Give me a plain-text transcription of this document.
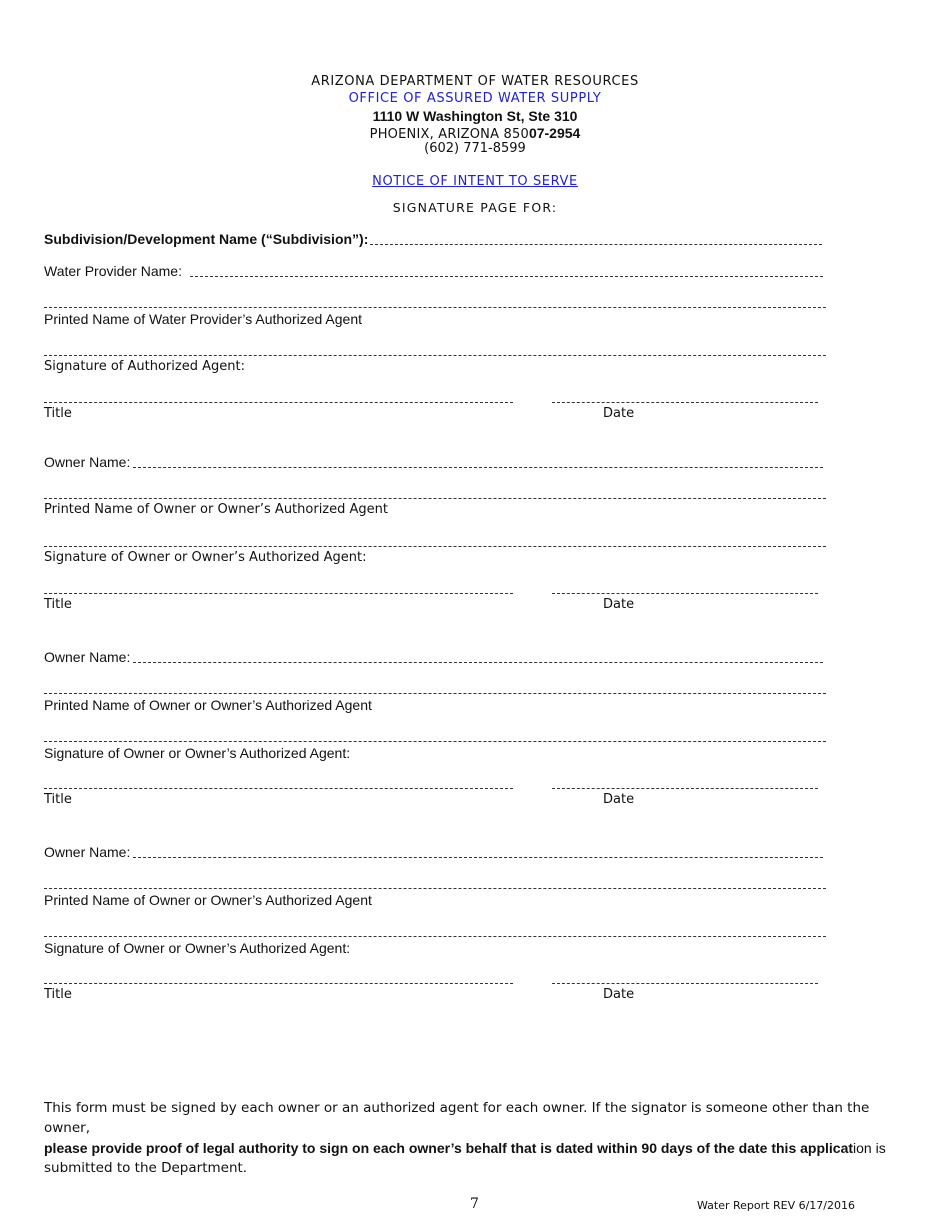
ARIZONA DEPARTMENT OF WATER RESOURCES
OFFICE OF ASSURED WATER SUPPLY
1110 W Washington St, Ste 310
PHOENIX, ARIZONA 85007-2954
(602) 771-8599
NOTICE OF INTENT TO SERVE
SIGNATURE PAGE FOR:
Subdivision/Development Name (“Subdivision”):
Water Provider Name:
Printed Name of Water Provider’s Authorized Agent
Signature of Authorized Agent:
Title	Date
Owner Name:
Printed Name of Owner or Owner’s Authorized Agent
Signature of Owner or Owner’s Authorized Agent:
Title	Date
Owner Name:
Printed Name of Owner or Owner’s Authorized Agent
Signature of Owner or Owner’s Authorized Agent:
Title	Date
Owner Name:
Printed Name of Owner or Owner’s Authorized Agent
Signature of Owner or Owner’s Authorized Agent:
Title	Date
This form must be signed by each owner or an authorized agent for each owner. If the signator is someone other than the owner,
please provide proof of legal authority to sign on each owner’s behalf that is dated within 90 days of the date this application is
submitted to the Department.
7	Water Report REV 6/17/2016
